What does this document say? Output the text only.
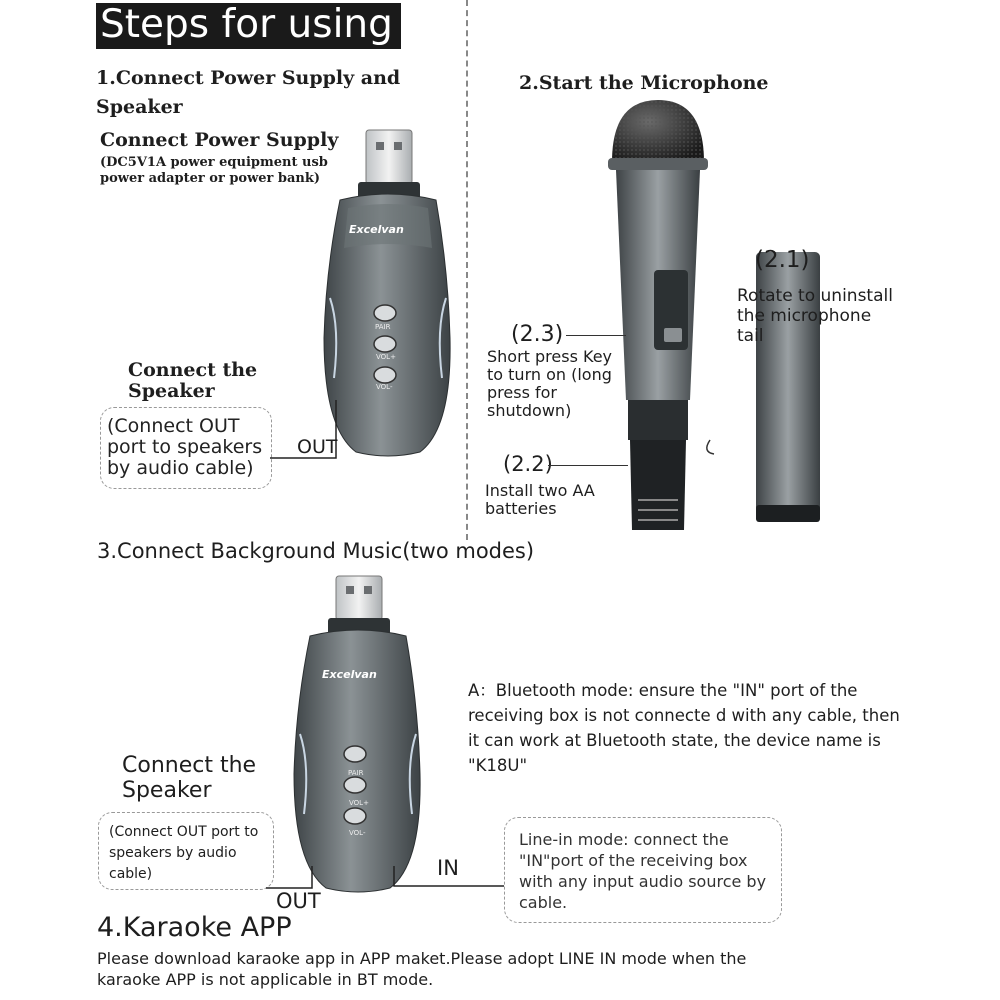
Steps for using
1.Connect Power Supply and Speaker
Connect Power Supply
(DC5V1A power equipment usb power adapter or power bank)
Excelvan
PAIR
VOL+
VOL-
Connect the Speaker
(Connect OUT port to speakers by audio cable)
OUT
2.Start the Microphone
(2.1)
Rotate to uninstall the microphone tail
(2.3)
Short press Key to turn on (long press for shutdown)
(2.2)
Install two AA batteries
3.Connect Background Music(two modes)
Excelvan
PAIR
VOL+
VOL-
Connect the Speaker
(Connect OUT port to speakers by audio cable)
OUT
IN
A：Bluetooth mode: ensure the "IN" port of the receiving box is not connecte d with any cable, then it can work at Bluetooth state, the device name is "K18U"
Line-in mode: connect the "IN"port of the receiving box with any input audio source by cable.
4.Karaoke APP
Please download karaoke app in APP maket.Please adopt LINE IN mode when the karaoke APP is not applicable in BT mode.
